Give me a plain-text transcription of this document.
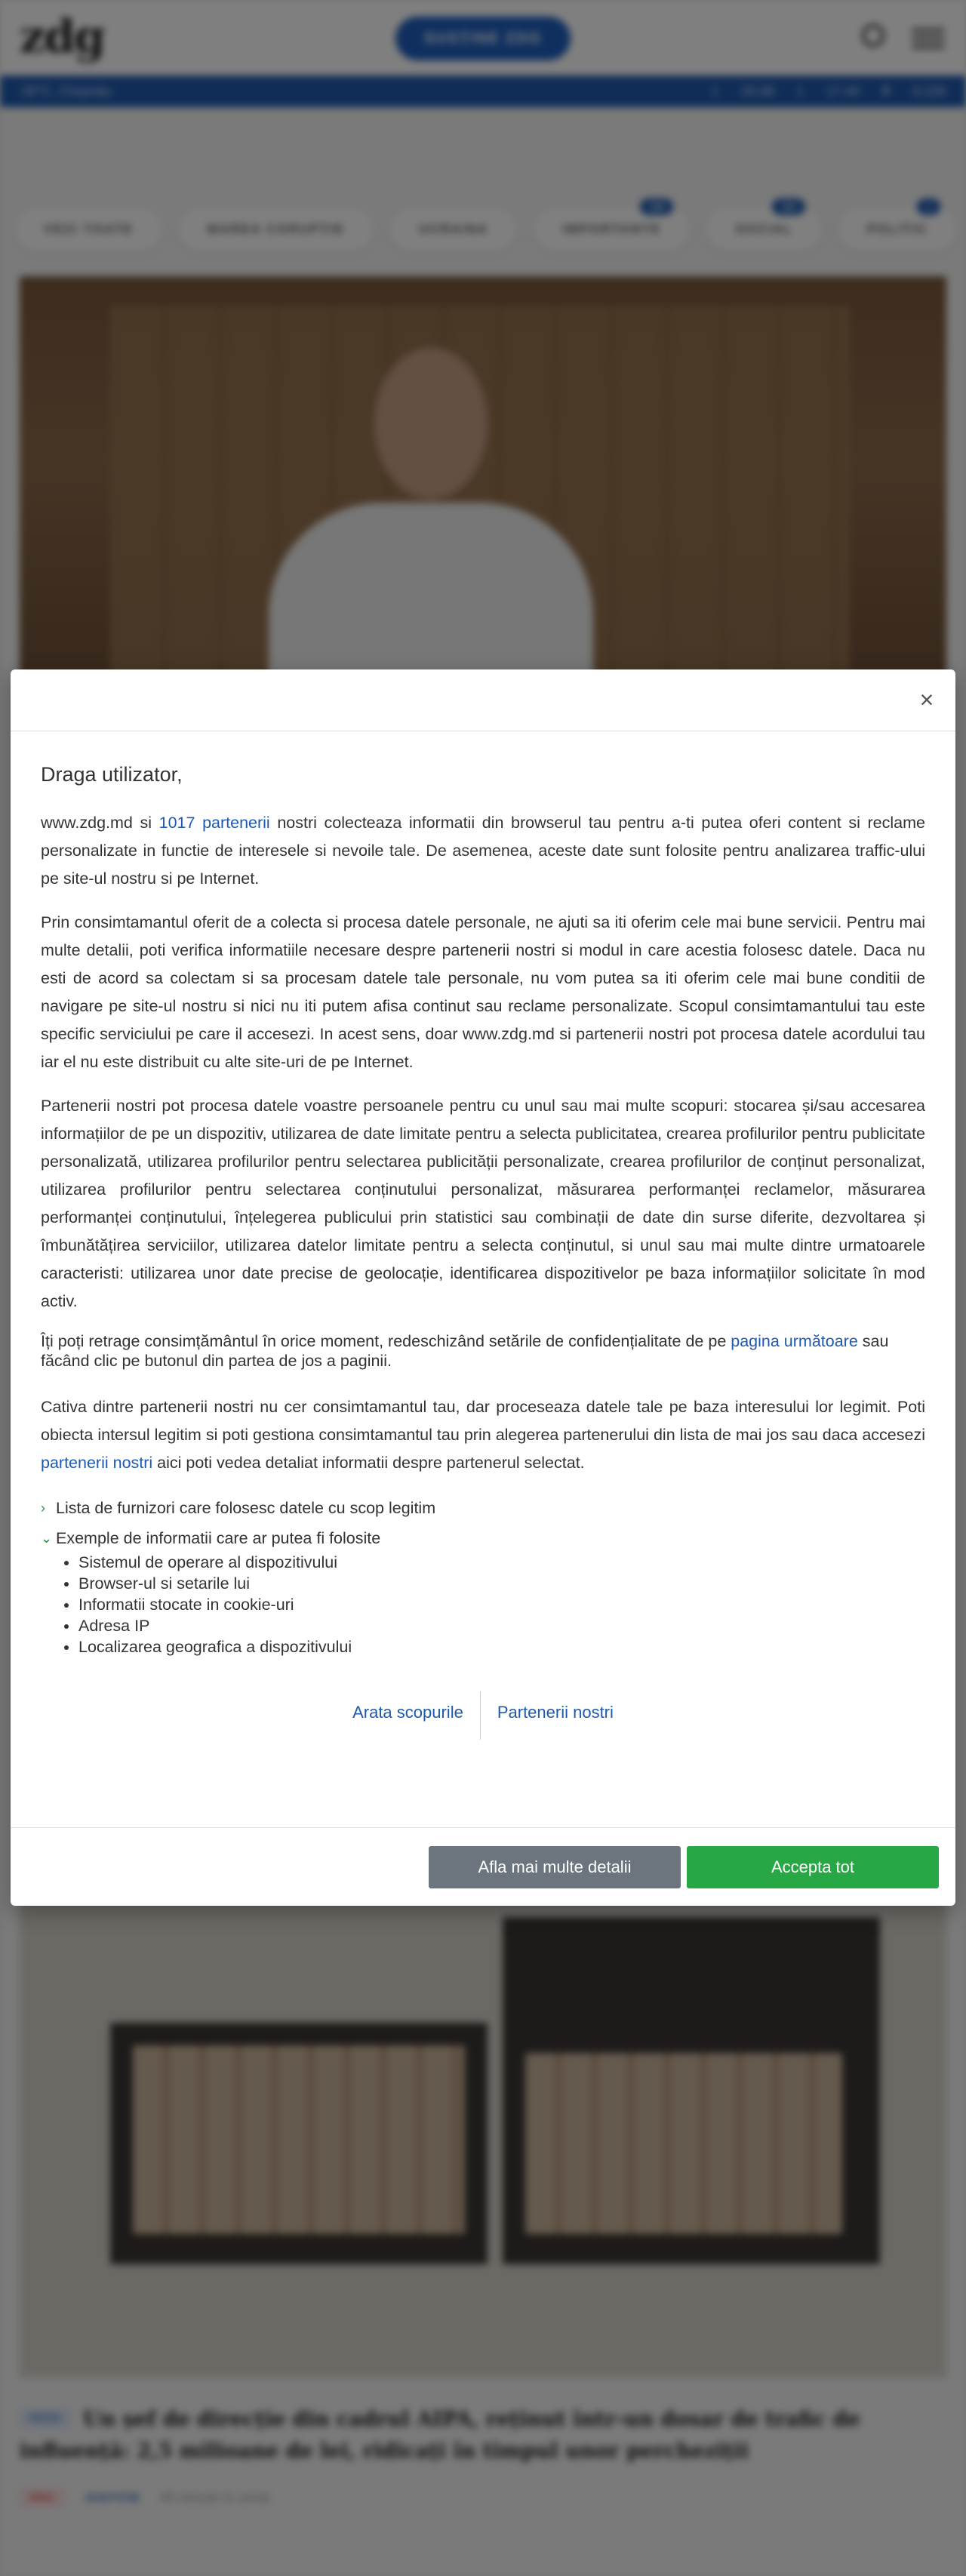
×
Draga utilizator,

www.zdg.md si 1017 partenerii nostri colecteaza informatii din browserul tau pentru a-ti putea oferi content si reclame personalizate in functie de interesele si nevoile tale. De asemenea, aceste date sunt folosite pentru analizarea traffic-ului pe site-ul nostru si pe Internet.

Prin consimtamantul oferit de a colecta si procesa datele personale, ne ajuti sa iti oferim cele mai bune servicii. Pentru mai multe detalii, poti verifica informatiile necesare despre partenerii nostri si modul in care acestia folosesc datele. Daca nu esti de acord sa colectam si sa procesam datele tale personale, nu vom putea sa iti oferim cele mai bune conditii de navigare pe site-ul nostru si nici nu iti putem afisa continut sau reclame personalizate. Scopul consimtamantului tau este specific serviciului pe care il accesezi. In acest sens, doar www.zdg.md si partenerii nostri pot procesa datele acordului tau iar el nu este distribuit cu alte site-uri de pe Internet.

Partenerii nostri pot procesa datele voastre persoanele pentru cu unul sau mai multe scopuri: stocarea și/sau accesarea informațiilor de pe un dispozitiv, utilizarea de date limitate pentru a selecta publicitatea, crearea profilurilor pentru publicitate personalizată, utilizarea profilurilor pentru selectarea publicității personalizate, crearea profilurilor de conținut personalizat, utilizarea profilurilor pentru selectarea conținutului personalizat, măsurarea performanței reclamelor, măsurarea performanței conținutului, înțelegerea publicului prin statistici sau combinații de date din surse diferite, dezvoltarea și îmbunătățirea serviciilor, utilizarea datelor limitate pentru a selecta conținutul, si unul sau mai multe dintre urmatoarele caracteristi: utilizarea unor date precise de geolocație, identificarea dispozitivelor pe baza informațiilor solicitate în mod activ.

Îți poți retrage consimțământul în orice moment, redeschizând setările de confidențialitate de pe pagina următoare sau făcând clic pe butonul din partea de jos a paginii.

Cativa dintre partenerii nostri nu cer consimtamantul tau, dar proceseaza datele tale pe baza interesului lor legimit. Poti obiecta intersul legitim si poti gestiona consimtamantul tau prin alegerea partenerului din lista de mai jos sau daca accesezi partenerii nostri aici poti vedea detaliat informatii despre partenerul selectat.

› Lista de furnizori care folosesc datele cu scop legitim
⌄ Exemple de informatii care ar putea fi folosite
• Sistemul de operare al dispozitivului
• Browser-ul si setarile lui
• Informatii stocate in cookie-uri
• Adresa IP
• Localizarea geografica a dispozitivului
Arata scopurile	Partenerii nostri
Afla mai multe detalii	Accepta tot
